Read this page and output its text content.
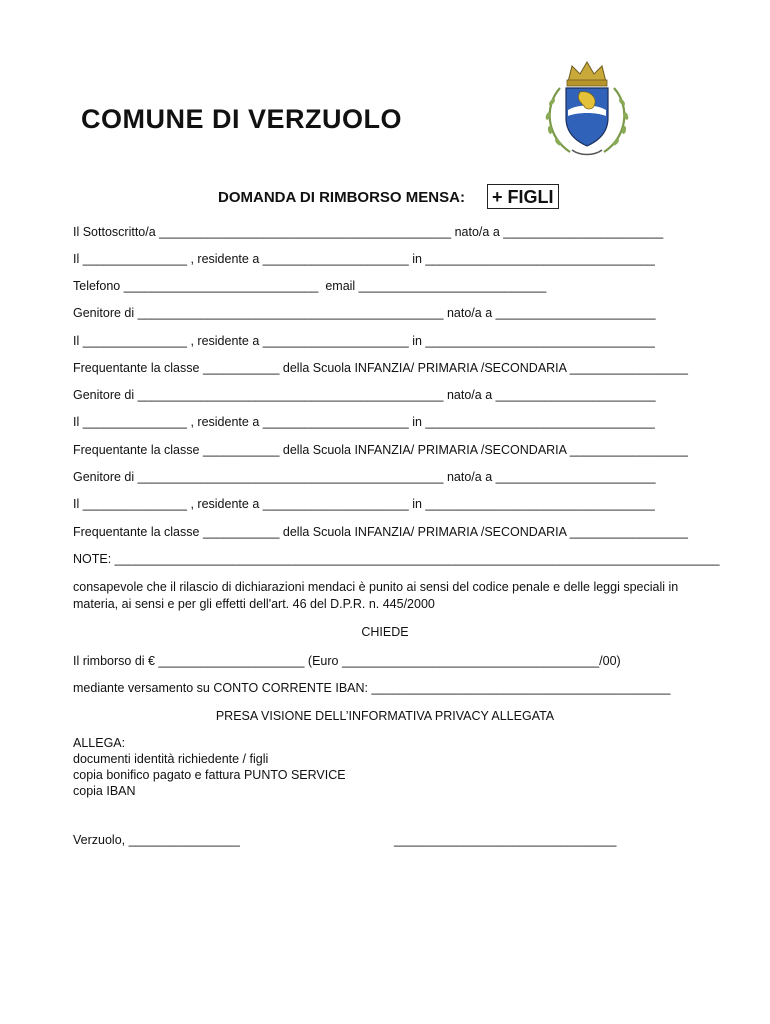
COMUNE DI VERZUOLO
DOMANDA DI RIMBORSO MENSA: + FIGLI
Il Sottoscritto/a __________________________________________ nato/a a _______________________
Il _______________ , residente a _____________________ in _________________________________
Telefono ____________________________  email ___________________________
Genitore di ____________________________________________ nato/a a _______________________
Il _______________ , residente a _____________________ in _________________________________
Frequentante la classe ___________ della Scuola INFANZIA/ PRIMARIA /SECONDARIA _________________
Genitore di ____________________________________________ nato/a a _______________________
Il _______________ , residente a _____________________ in _________________________________
Frequentante la classe ___________ della Scuola INFANZIA/ PRIMARIA /SECONDARIA _________________
Genitore di ____________________________________________ nato/a a _______________________
Il _______________ , residente a _____________________ in _________________________________
Frequentante la classe ___________ della Scuola INFANZIA/ PRIMARIA /SECONDARIA _________________
NOTE: _______________________________________________________________________________________
consapevole che il rilascio di dichiarazioni mendaci è punito ai sensi del codice penale e delle leggi speciali in materia, ai sensi e per gli effetti dell'art. 46 del D.P.R. n. 445/2000
CHIEDE
Il rimborso di € _____________________ (Euro _____________________________________/00)
mediante versamento su CONTO CORRENTE IBAN: ___________________________________________
PRESA VISIONE DELL’INFORMATIVA PRIVACY ALLEGATA
ALLEGA:
documenti identità richiedente / figli
copia bonifico pagato e fattura PUNTO SERVICE
copia IBAN
Verzuolo, ________________	________________________________
